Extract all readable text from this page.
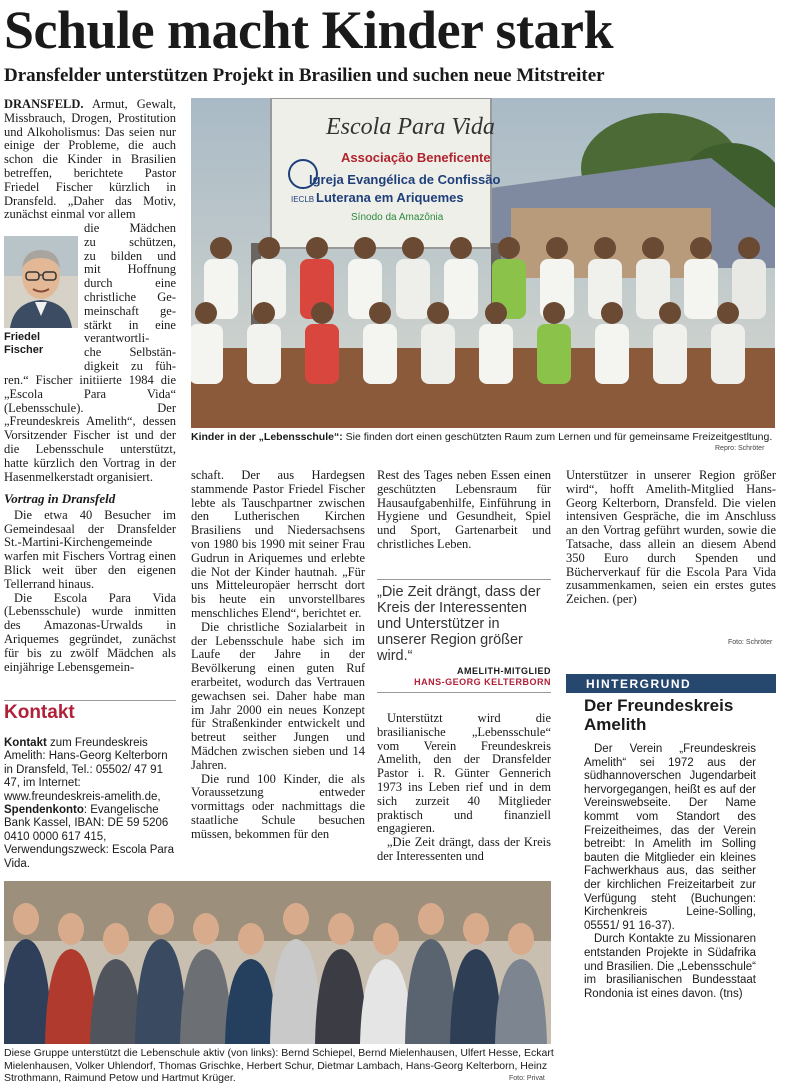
Schule macht Kinder stark
Dransfelder unterstützen Projekt in Brasilien und suchen neue Mitstreiter

DRANSFELD. Armut, Gewalt, Missbrauch, Drogen, Prostitution und Alkoholismus: Das seien nur einige der Probleme, die auch schon die Kinder in Brasilien betreffen, berichtete Pastor Friedel Fischer kürzlich in Dransfeld. „Daher das Motiv, zunächst einmal vor allem

Friedel
Fischer
die Mädchen
zu schützen,
zu bilden und
mit Hoffnung
durch eine
christliche Ge-
meinschaft ge-
stärkt in eine
verantwortli-
che Selbstän-
digkeit zu füh-

ren.“ Fischer initiierte 1984 die „Escola Para Vida“ (Lebensschule). Der „Freundeskreis Amelith“, dessen Vorsitzender Fischer ist und der die Lebensschule unterstützt, hatte kürzlich den Vortrag in der Hasenmelkerstadt organisiert.

Vortrag in Dransfeld

Die etwa 40 Besucher im Gemeindesaal der Dransfelder St.-Martini-Kirchengemeinde warfen mit Fischers Vortrag einen Blick weit über den eigenen Tellerrand hinaus.

Die Escola Para Vida (Lebensschule) wurde inmitten des Amazonas-Urwalds in Ariquemes gegründet, zunächst für bis zu zwölf Mädchen als einjährige Lebensgemein-

Kontakt
Kontakt zum Freundeskreis Amelith: Hans-Georg Kelterborn in Dransfeld, Tel.: 05502/ 47 91 47, im Internet: www.freundeskreis-amelith.de,
Spendenkonto: Evangelische Bank Kassel, IBAN: DE 59 5206 0410 0000 617 415, Verwendungszweck: Escola Para Vida.
Escola Para Vida
Associação Beneficente
Igreja Evangélica de Confissão
Luterana em Ariquemes
Sínodo da Amazônia
IECLB
Kinder in der „Lebensschule“: Sie finden dort einen geschützten Raum zum Lernen und für gemeinsame Freizeitgestltung.
Repro: Schröter

schaft. Der aus Hardegsen stammende Pastor Friedel Fischer lebte als Tauschpartner zwischen den Lutherischen Kirchen Brasiliens und Niedersachsens von 1980 bis 1990 mit seiner Frau Gudrun in Ariquemes und erlebte die Not der Kinder hautnah. „Für uns Mitteleuropäer herrscht dort bis heute ein unvorstellbares menschliches Elend“, berichtet er.

Die christliche Sozialarbeit in der Lebensschule habe sich im Laufe der Jahre in der Bevölkerung einen guten Ruf erarbeitet, wodurch das Vertrauen gewachsen sei. Daher habe man im Jahr 2000 ein neues Konzept für Straßenkinder entwickelt und betreut seither Jungen und Mädchen zwischen sieben und 14 Jahren.

Die rund 100 Kinder, die als Voraussetzung entweder vormittags oder nachmittags die staatliche Schule besuchen müssen, bekommen für den

Rest des Tages neben Essen einen geschützten Lebensraum für Hausaufgabenhilfe, Einführung in Hygiene und Gesundheit, Spiel und Sport, Gartenarbeit und christliches Leben.

„Die Zeit drängt, dass der Kreis der Interessenten und Unterstützer in unserer Region größer wird.“
AMELITH-MITGLIED
HANS-GEORG KELTERBORN

Unterstützt wird die brasilianische „Lebensschule“ vom Verein Freundeskreis Amelith, den der Dransfelder Pastor i. R. Günter Gennerich 1973 ins Leben rief und in dem sich zurzeit 40 Mitglieder praktisch und finanziell engagieren.

„Die Zeit drängt, dass der Kreis der Interessenten und

Unterstützer in unserer Region größer wird“, hofft Amelith-Mitglied Hans-Georg Kelterborn, Dransfeld. Die vielen intensiven Gespräche, die im Anschluss an den Vortrag geführt wurden, sowie die Tatsache, dass allein an diesem Abend 350 Euro durch Spenden und Bücherverkauf für die Escola Para Vida zusammenkamen, seien ein erstes gutes Zeichen. (per)

Foto: Schröter
HINTERGRUND
Der Freundeskreis Amelith

Der Verein „Freundeskreis Amelith“ sei 1972 aus der südhannoverschen Jugendarbeit hervorgegangen, heißt es auf der Vereinswebseite. Der Name kommt vom Standort des Freizeitheimes, das der Verein betreibt: In Amelith im Solling bauten die Mitglieder ein kleines Fachwerkhaus aus, das seither der kirchlichen Freizeitarbeit zur Verfügung steht (Buchungen: Kirchenkreis Leine-Solling, 05551/ 91 16-37).

Durch Kontakte zu Missionaren entstanden Projekte in Südafrika und Brasilien. Die „Lebensschule“ im brasilianischen Bundesstaat Rondonia ist eines davon. (tns)

Diese Gruppe unterstützt die Lebenschule aktiv (von links): Bernd Schiepel, Bernd Mielenhausen, Ulfert Hesse, Eckart Mielenhausen, Volker Uhlendorf, Thomas Grischke, Herbert Schur, Dietmar Lambach, Hans-Georg Kelterborn, Heinz Strothmann, Raimund Petow und Hartmut Krüger.	Foto: Privat
